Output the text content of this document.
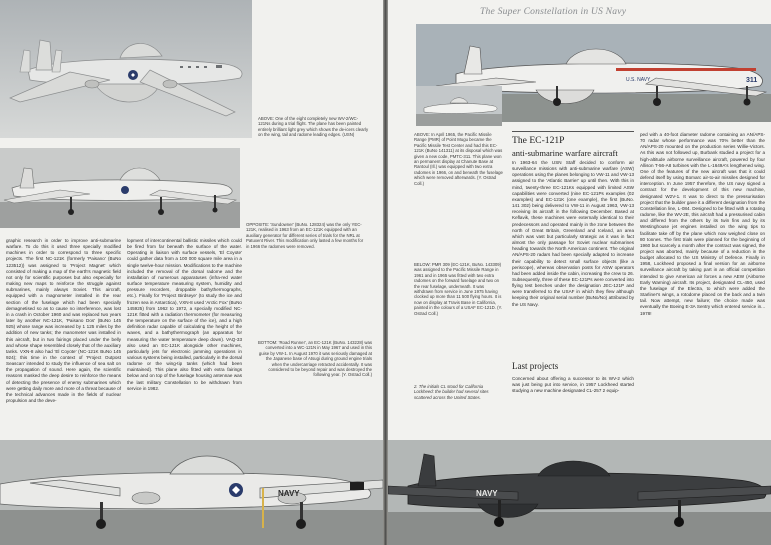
ABOVE: One of the eight completely new WV-2/WC-121Ns during a trial flight. The plane has been painted entirely brilliant light grey which shows the de-icers clearly on the wing, tail and radome leading edges. (USN)

OPPOSITE: 'Sundowner' (BuNo. 128324) was the only YEC-121K, realised in 1963 from an EC-121K equipped with an auxiliary generator for different series of trials for the NRL at Patuxent River. This modification only lasted a few months for in 1966 the radomes were removed.

graphic research in order to improve anti-submarine warfare. To do this it used three specially modified machines in order to correspond to three specific projects. The first NC-121K (formerly 'Paisano' (BuNo 123512)) was assigned to 'Project Magnet' which consisted of making a map of the earth's magnetic field not only for scientific purposes but also especially for making new maps to reinforce the struggle against submarines, mainly always Soviet. This aircraft, equipped with a magnometer installed in the rear section of the fuselage which had been specially demagnetised so as to cause no interference, was lost in a crash in October 1960 and was replaced two years later by another NC-121K, 'Paisano Dos' (BuNo 145 925) whose range was increased by 1 125 miles by the addition of new tanks; the manometer was installed in this aircraft, but in two fairings placed under the belly and whose shape resembled closely that of the auxiliary tanks. VXN-8 also had 'El Coyote' (NC-121K BuNo 145 924); this time in the context of 'Project Outpost Seascan' intended to study the influence of sea salt on the propagation of sound. Here again, the scientific reasons masked the deep desire to reinforce the means of detecting the presence of enemy submarines which were getting daily more and more of a threat because of the technical advances made in the fields of nuclear propulsion and the deve-

lopment of intercontinental ballistic missiles which could be fired from far beneath the surface of the water. Operating in liaison with surface vessels, 'El Coyote' could gather data from a 100 000 square mile area in a single twelve-hour mission. Modifications to the machine included the removal of the dorsal radome and the installation of numerous apparatuses (infra-red water surface temperature measuring system, humidity and pressure recorders, droppable bathythermographs, etc.). Finally for 'Project Birdseye' (to study the ice and frozen sea in Antarctica), VXN-8 used 'Arctic Fox' (BuNo 145925) from 1962 to 1972, a specially modified NC-121K fitted with a radiation thermometer (for measuring the temperature on the surface of the ice), and a high definition radar capable of calculating the height of the waves, and a bathythermograph (an apparatus for measuring the water temperature deep down). VAQ-33 also used an EC-121K alongside other machines, particularly jets for electronic jamming operations in various systems being installed, particularly in the dorsal radome or the wing-tip tanks (which had been maintained). This plane also fitted with extra fairings below and on top of the fuselage housing antennae was the last military Constellation to be withdrawn from service in 1982.

BOTTOM: 'Road Runner', an EC-121K (BuNo. 143228) was converted into a WC-121N in May 1967 and used in this guise by VW-1. In August 1970 it was seriously damaged at the Japanese base of Atsugi during ground engine trials when the undercarriage retracted accidentally. It was considered to be beyond repair and was destroyed the following year. (Y. Ostrad Coll.)

NAVY
The Super Constellation in US Navy
311
U.S. NAVY

ABOVE: In April 1965, the Pacific Missile Range (PMR) of Point Mugu became the Pacific Missile Test Center and had this EC-121K (BuNo 141311) at its disposal which was given a new code, PMTC-311. This plane won an permanent display at Chanute Base at Rantoul (Ill.) was equipped with two extra radomes in 1966, on and beneath the fuselage which were removed afterwards. (Y. Ostrad Coll.)

BELOW: PMR 309 (EC-121K, BuNo. 143309) was assigned to the Pacific Missile Range in 1961 and in 1965 was fitted with two extra radomes on the forward fuselage and two on the rear fuselage, underneath. It was withdrawn from service in June 1975 having clocked up more than 11 500 flying hours. It is now on display at Travis Base in California, painted in the colours of a USAF EC-121D. (Y. Ostrad Coll.)

2. The initials CL stood for California Lockheed: the builder had several sites scattered across the United States.

The EC-121P
anti-submarine warfare aircraft

In 1963-64 the USN Staff decided to conform air surveillance missions with anti-submarine warfare (ASW) operations using the planes belonging to VW-11 and VW-13 assigned to the 'Atlantic Barrier' up until then. With this in mind, twenty-three EC-121Ks equipped with limited ASW capabilities were converted (nine EC-121Ps examples (02 examples) and EC-121K (one example), the first (BuNo. 141 302) being delivered to VW-11 in August 1963, VW-13 receiving its aircraft in the following December. Based at Keflavik, these machines were externally identical to their predecessors and operated mainly in the zone between the north of Great Britain, Greenland and Iceland, an area which was vast but particularly strategic as it was in fact almost the only passage for Soviet nuclear submarines heading towards the North American continent. The original AN/APS-20 radars had been specially adapted to increase their capability to detect small surface objects (like a periscope), whereas observation posts for ASW operators had been added inside the cabin, increasing the crew to 26. Subsequently, three of these EC-121Ps were converted into flying test benches under the designation JEC-121P and were transferred to the USAF in which they flew although keeping their original serial number (BuNo/No) attributed by the US Navy.

Last projects

Concerned about offering a successor to its WV-2 which was just being put into service, in 1957 Lockheed started studying a new machine designated CL-257 2 equip-

ped with a 40-foot diameter radome containing an AN/APS-70 radar whose performance was 70% better than the AN/APS-20 mounted on the production series Willie-Victors. As this was not followed up, Burbank studied a project for a high-altitude airborne surveillance aircraft, powered by four Allison T-56-A8 turbines with the L-1649A's lengthened wing. One of the features of the new aircraft was that it could defend itself by using Bomarc air-to-air missiles designed for interception. In June 1957 therefore, the US navy signed a contract for the development of this new machine, designated W2V-1. It was to direct to the pressurisation project that the builder gave it a different designation from the Constellation line, L-084. Designed to be fitted with a rotating radome, like the WV-2E, this aircraft had a pressurised cabin and differed from the others by its twin fins and by its Westinghouse jet engines installed on the wing tips to facilitate take off by the plane which now weighed close on 80 tonnes. The first trials were planned for the beginning of 1960 but scarcely a month after the contract was signed, the project was aborted, mainly because of a reduction in the budget allocated to the US Ministry of Defence. Finally in 1958, Lockheed proposed a final version for an airborne surveillance aircraft by taking part in an official competition intended to give American air forces a new AEW (Airborne Early Warning) aircraft. Its project, designated CL-450, used the fuselage of the Electra, to which were added the Starliner's wings, a rotodome placed on the back and a twin tail. Now attempt, new failure; the choice made was eventually the Boeing E-3A Sentry which entered service in... 1978!

NAVY
